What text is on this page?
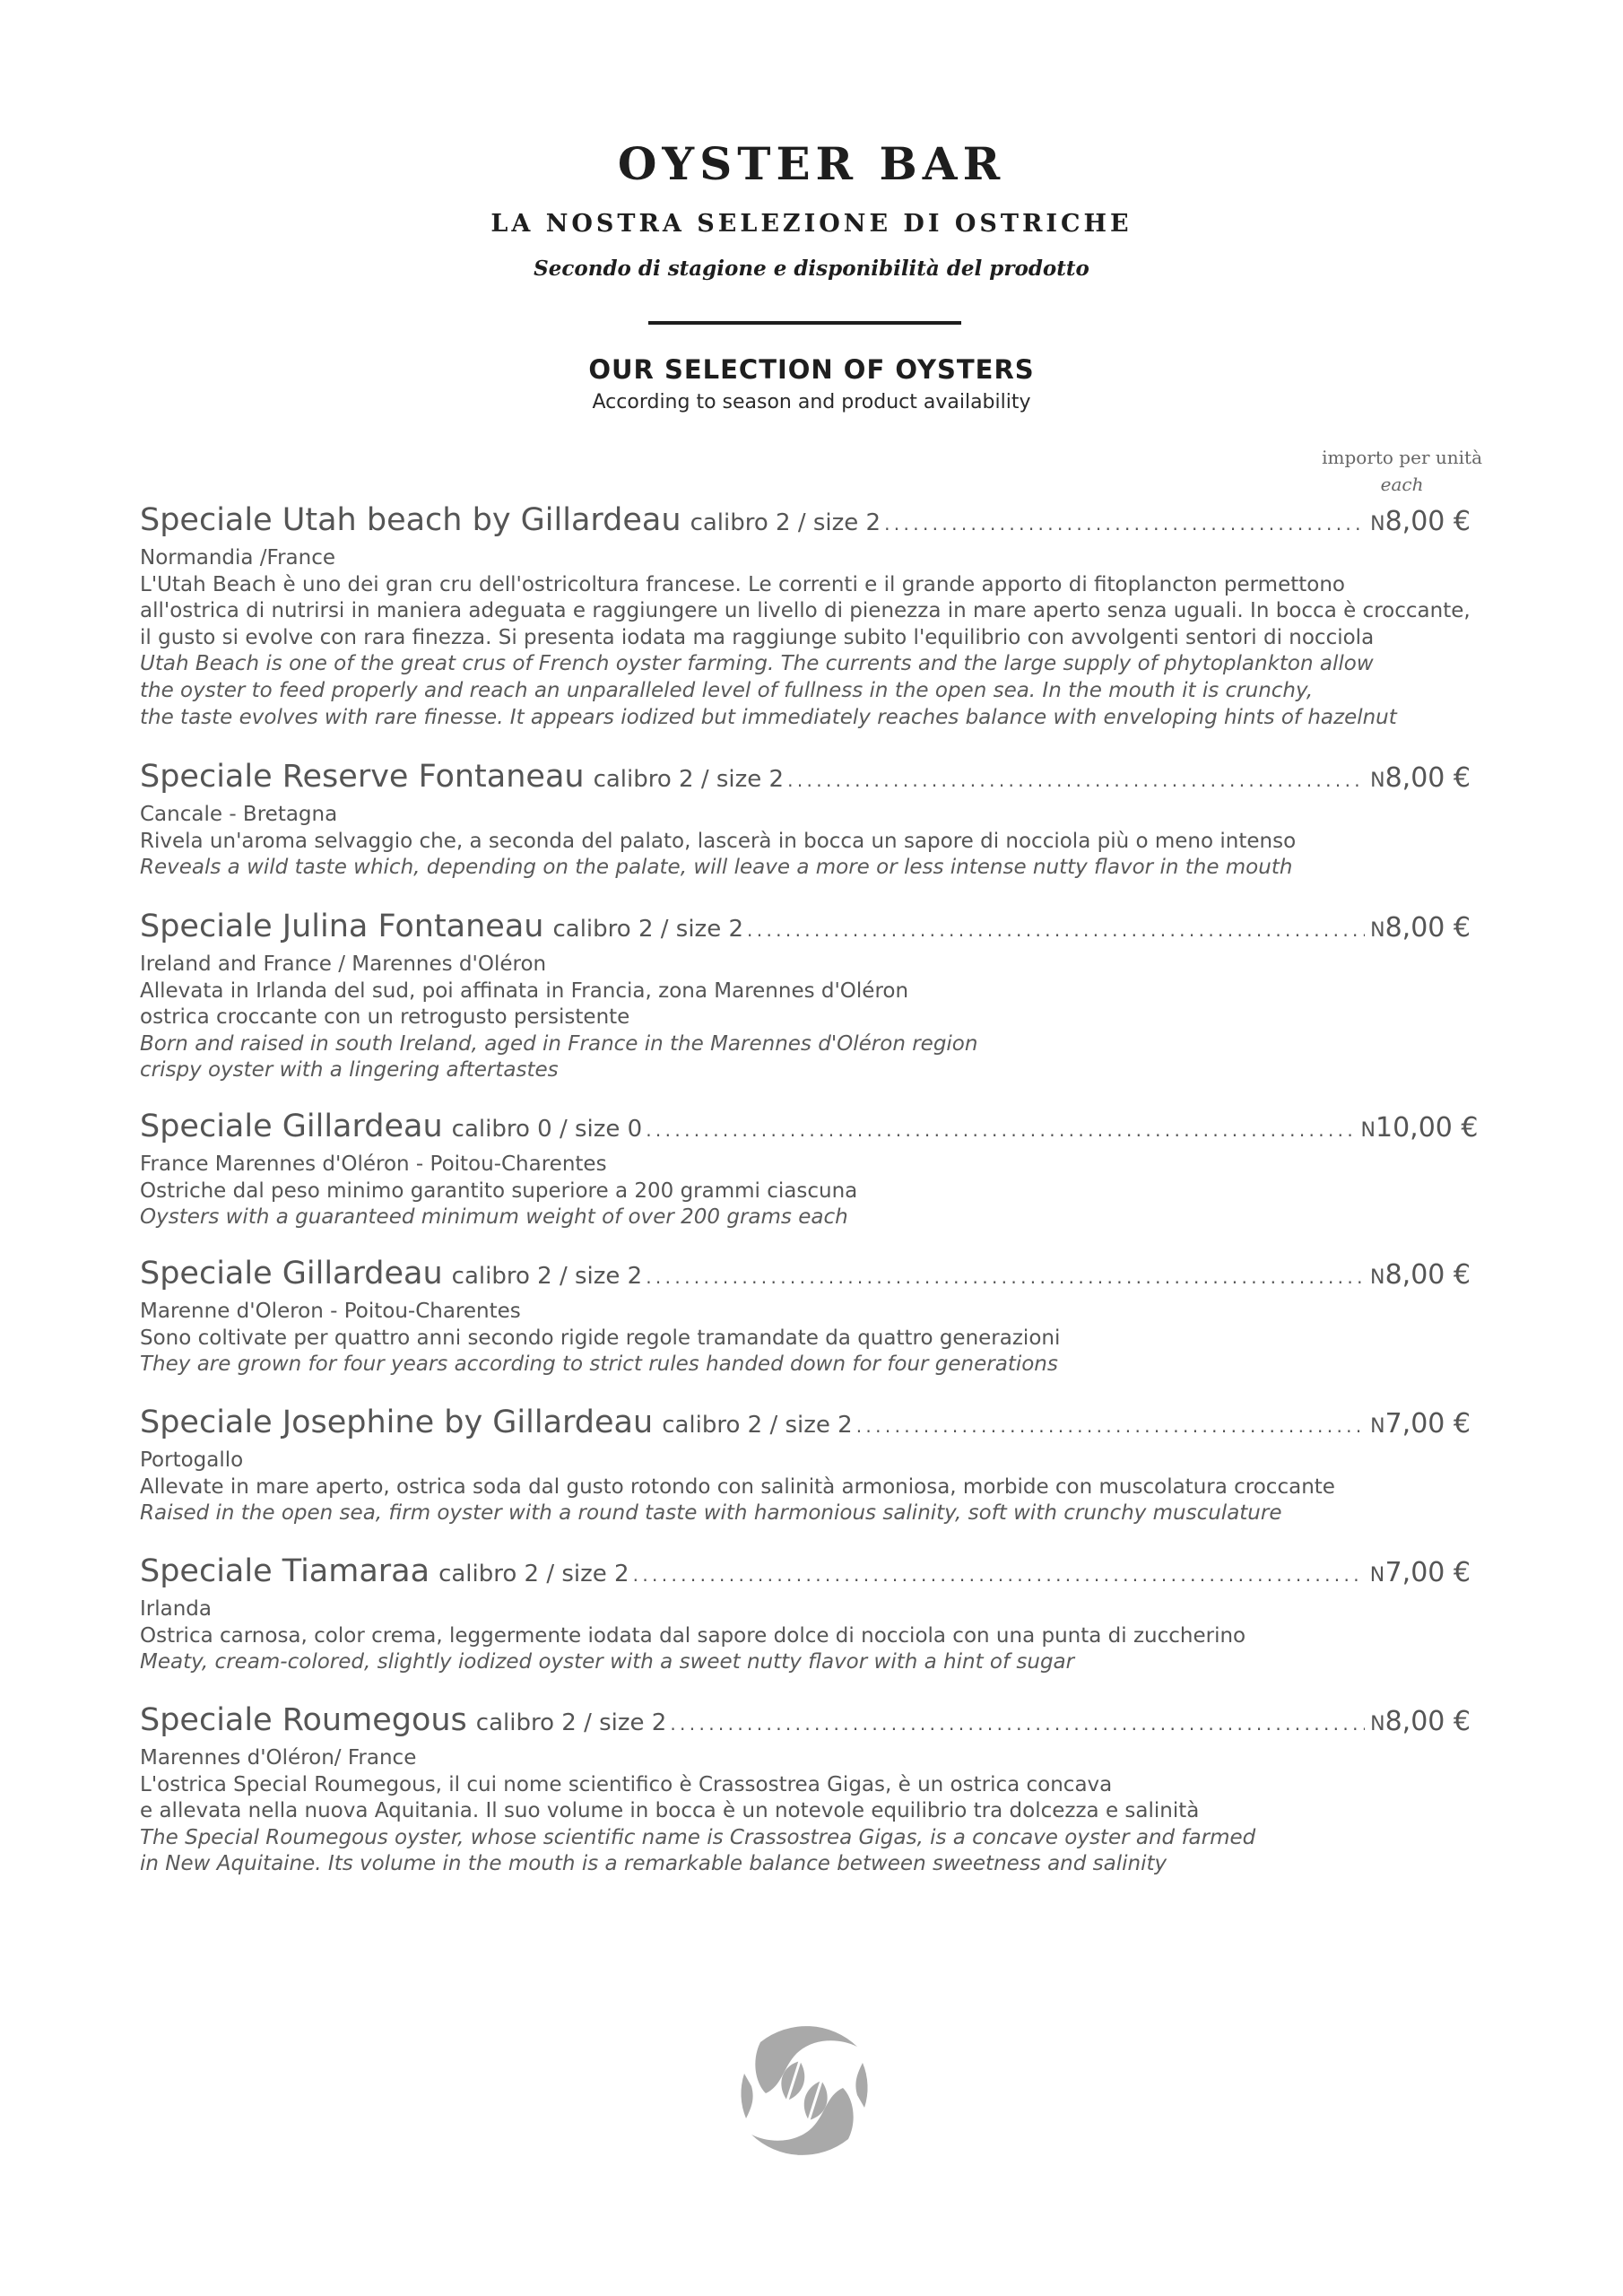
OYSTER BAR
LA NOSTRA SELEZIONE DI OSTRICHE
Secondo di stagione e disponibilità del prodotto
OUR SELECTION OF OYSTERS
According to season and product availability
importo per unità
each
Speciale Utah beach by Gillardeau calibro 2 / size 2 . . .	N 8,00 €
Normandia /France
L'Utah Beach è uno dei gran cru dell'ostricoltura francese. Le correnti e il grande apporto di fitoplancton permettono
all'ostrica di nutrirsi in maniera adeguata e raggiungere un livello di pienezza in mare aperto senza uguali. In bocca è croccante,
il gusto si evolve con rara finezza. Si presenta iodata ma raggiunge subito l'equilibrio con avvolgenti sentori di nocciola
Utah Beach is one of the great crus of French oyster farming. The currents and the large supply of phytoplankton allow
the oyster to feed properly and reach an unparalleled level of fullness in the open sea. In the mouth it is crunchy,
the taste evolves with rare finesse. It appears iodized but immediately reaches balance with enveloping hints of hazelnut
Speciale Reserve Fontaneau calibro 2 / size 2 . . .	N 8,00 €
Cancale - Bretagna
Rivela un'aroma selvaggio che, a seconda del palato, lascerà in bocca un sapore di nocciola più o meno intenso
Reveals a wild taste which, depending on the palate, will leave a more or less intense nutty flavor in the mouth
Speciale Julina Fontaneau calibro 2 / size 2 . . .	N 8,00 €
Ireland and France / Marennes d'Oléron
Allevata in Irlanda del sud, poi affinata in Francia, zona Marennes d'Oléron
ostrica croccante con un retrogusto persistente
Born and raised in south Ireland, aged in France in the Marennes d'Oléron region
crispy oyster with a lingering aftertastes
Speciale Gillardeau calibro 0 / size 0 . . .	N 10,00 €
France Marennes d'Oléron - Poitou-Charentes
Ostriche dal peso minimo garantito superiore a 200 grammi ciascuna
Oysters with a guaranteed minimum weight of over 200 grams each
Speciale Gillardeau calibro 2 / size 2 . . .	N 8,00 €
Marenne d'Oleron - Poitou-Charentes
Sono coltivate per quattro anni secondo rigide regole tramandate da quattro generazioni
They are grown for four years according to strict rules handed down for four generations
Speciale Josephine by Gillardeau calibro 2 / size 2 . . .	N 7,00 €
Portogallo
Allevate in mare aperto, ostrica soda dal gusto rotondo con salinità armoniosa, morbide con muscolatura croccante
Raised in the open sea, firm oyster with a round taste with harmonious salinity, soft with crunchy musculature
Speciale Tiamaraa calibro 2 / size 2 . . .	N 7,00 €
Irlanda
Ostrica carnosa, color crema, leggermente iodata dal sapore dolce di nocciola con una punta di zuccherino
Meaty, cream-colored, slightly iodized oyster with a sweet nutty flavor with a hint of sugar
Speciale Roumegous calibro 2 / size 2 . . .	N 8,00 €
Marennes d'Oléron/ France
L'ostrica Special Roumegous, il cui nome scientifico è Crassostrea Gigas, è un ostrica concava
e allevata nella nuova Aquitania. Il suo volume in bocca è un notevole equilibrio tra dolcezza e salinità
The Special Roumegous oyster, whose scientific name is Crassostrea Gigas, is a concave oyster and farmed
in New Aquitaine. Its volume in the mouth is a remarkable balance between sweetness and salinity
